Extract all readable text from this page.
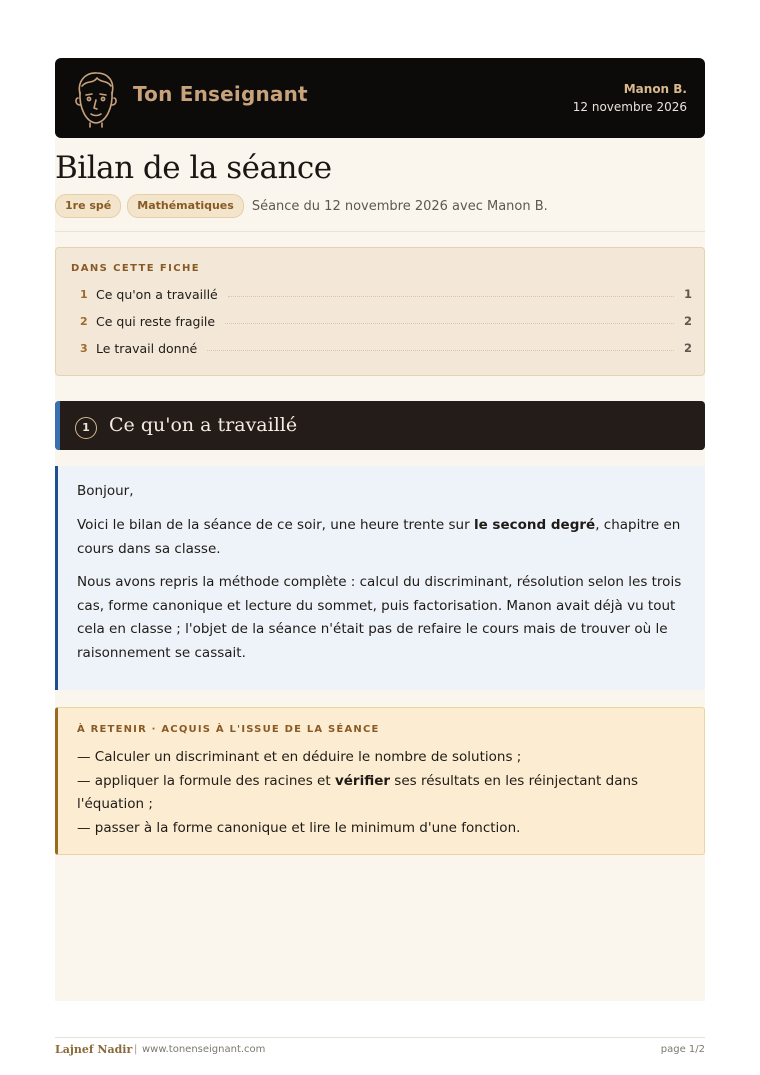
Ton Enseignant	Manon B.
12 novembre 2026
Bilan de la séance
1re spé	Mathématiques	Séance du 12 novembre 2026 avec Manon B.
DANS CETTE FICHE
1 Ce qu'on a travaillé	1
2 Ce qui reste fragile	2
3 Le travail donné	2
1	Ce qu'on a travaillé

Bonjour,

Voici le bilan de la séance de ce soir, une heure trente sur le second degré, chapitre en cours dans sa classe.

Nous avons repris la méthode complète : calcul du discriminant, résolution selon les trois cas, forme canonique et lecture du sommet, puis factorisation. Manon avait déjà vu tout cela en classe ; l'objet de la séance n'était pas de refaire le cours mais de trouver où le raisonnement se cassait.

À RETENIR · ACQUIS À L'ISSUE DE LA SÉANCE
— Calculer un discriminant et en déduire le nombre de solutions ;
— appliquer la formule des racines et vérifier ses résultats en les réinjectant dans l'équation ;
— passer à la forme canonique et lire le minimum d'une fonction.
Lajnef Nadir | www.tonenseignant.com	page 1/2
